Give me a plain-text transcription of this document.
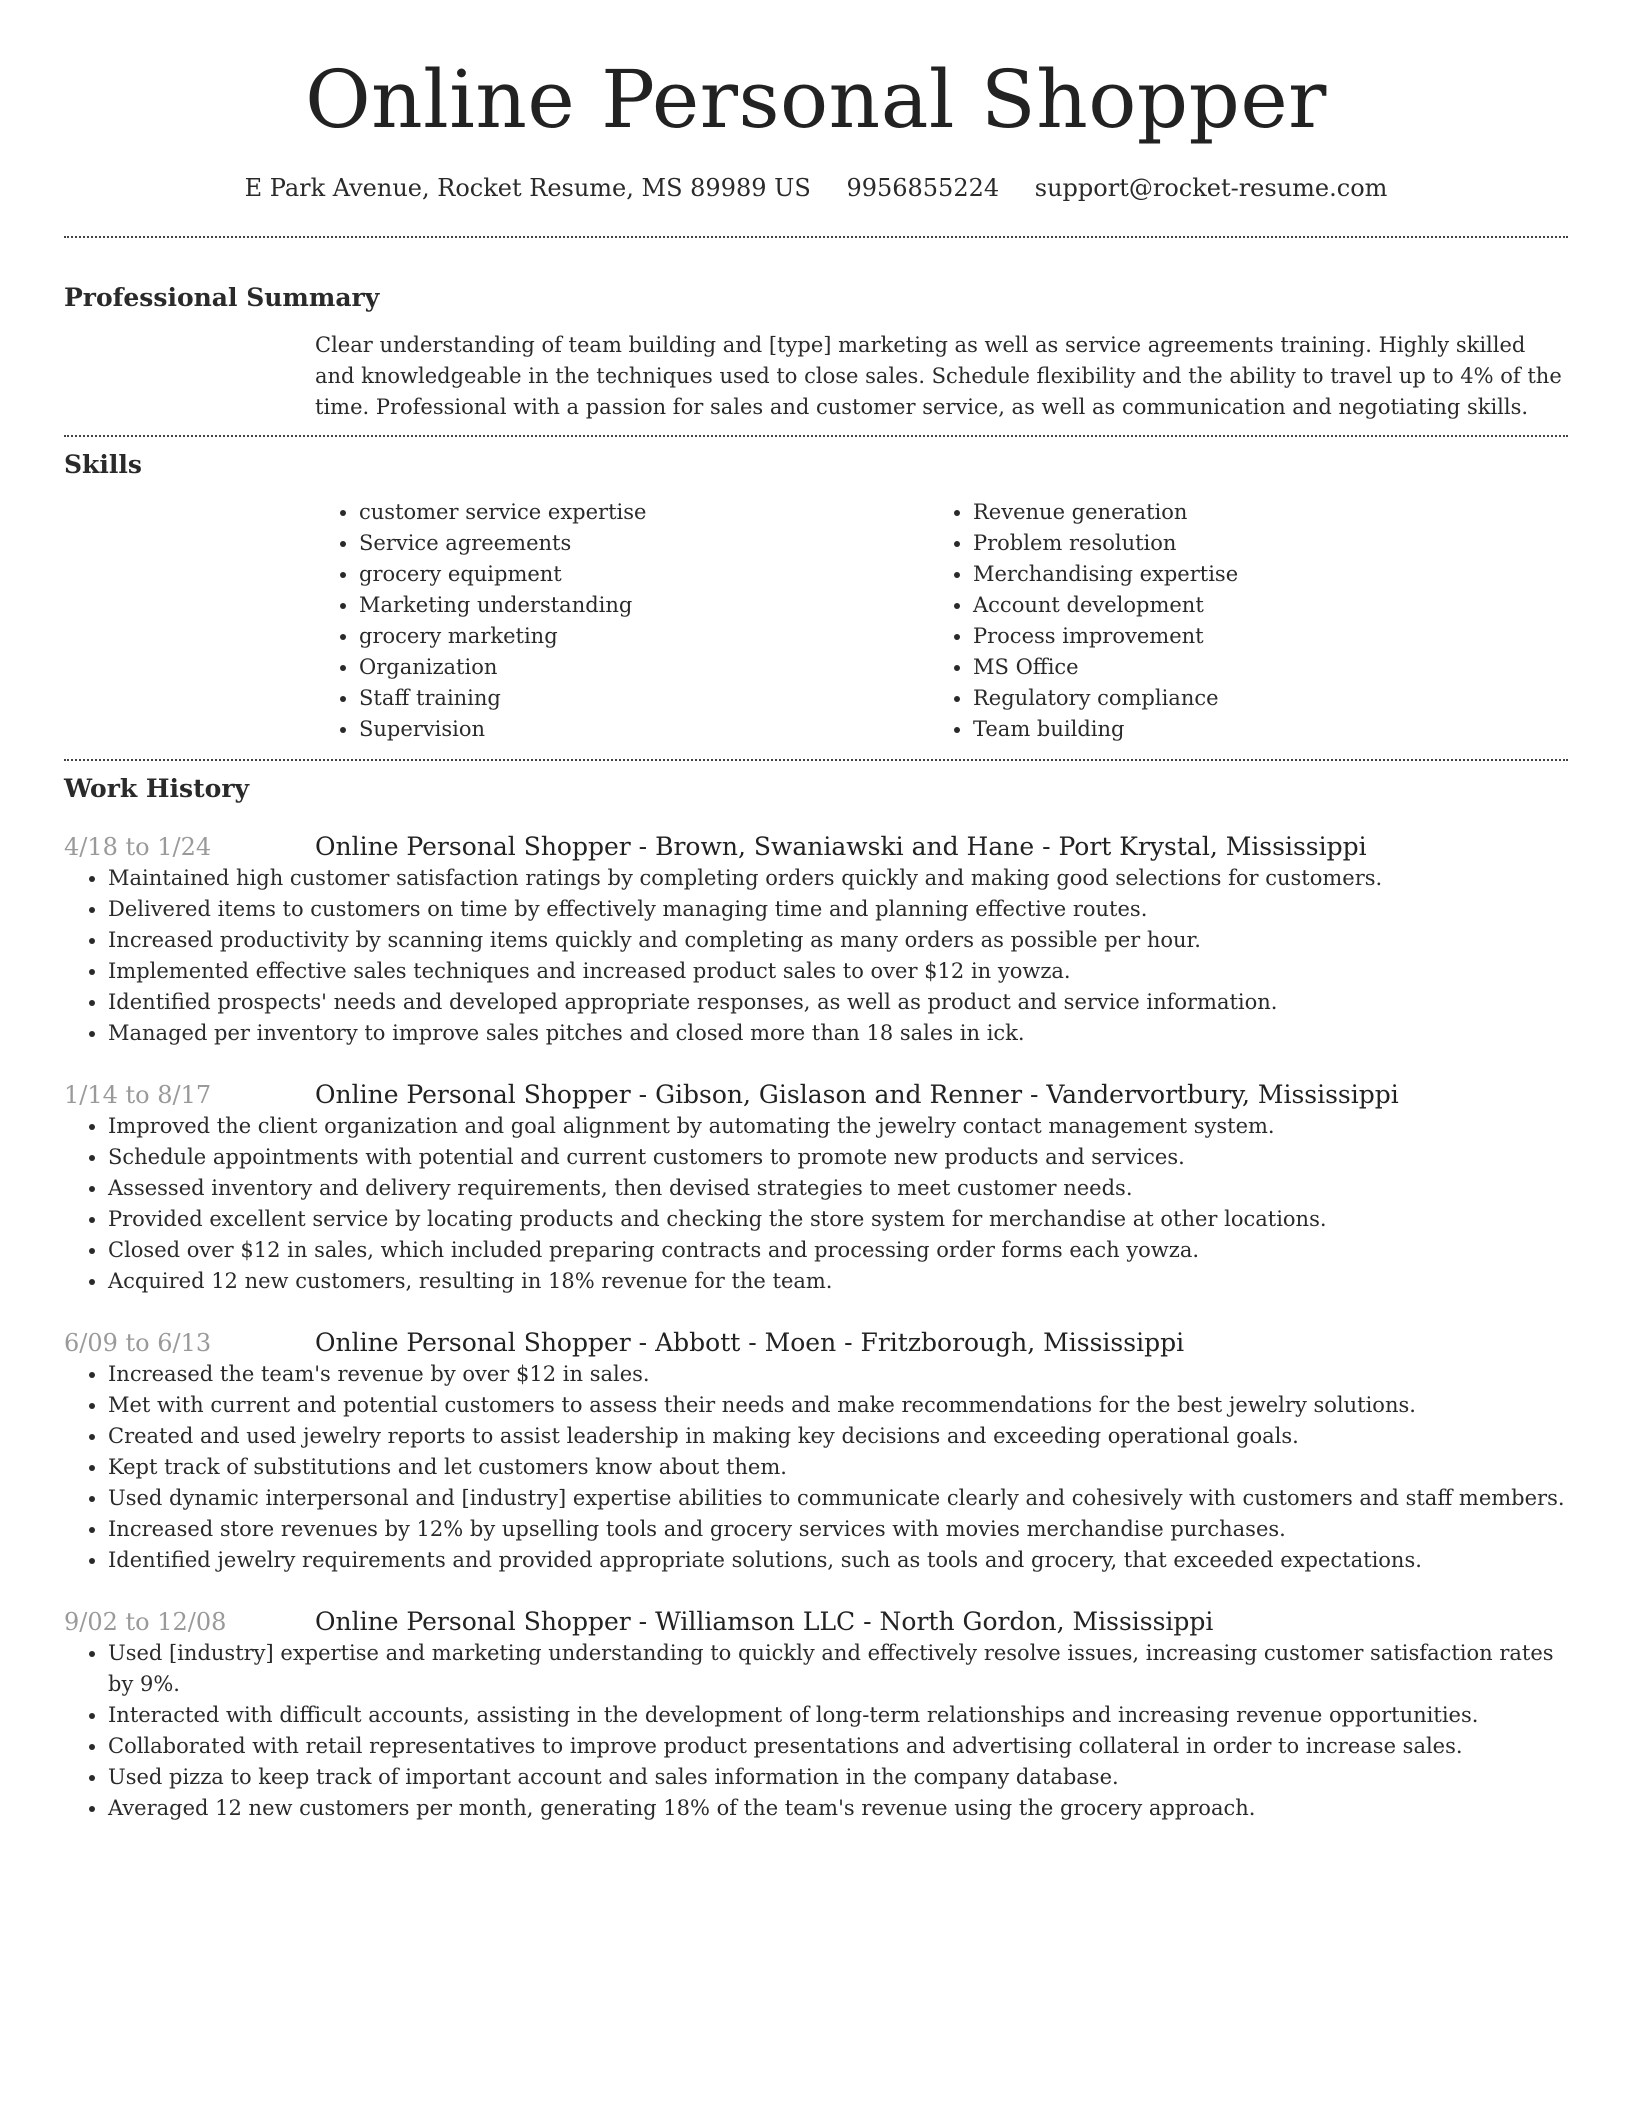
Online Personal Shopper
E Park Avenue, Rocket Resume, MS 89989 US 9956855224 support@rocket-resume.com
Professional Summary
Clear understanding of team building and [type] marketing as well as service agreements training. Highly skilled and knowledgeable in the techniques used to close sales. Schedule flexibility and the ability to travel up to 4% of the time. Professional with a passion for sales and customer service, as well as communication and negotiating skills.
Skills
• customer service expertise
• Service agreements
• grocery equipment
• Marketing understanding
• grocery marketing
• Organization
• Staff training
• Supervision
• Revenue generation
• Problem resolution
• Merchandising expertise
• Account development
• Process improvement
• MS Office
• Regulatory compliance
• Team building
Work History
4/18 to 1/24	Online Personal Shopper - Brown, Swaniawski and Hane - Port Krystal, Mississippi
• Maintained high customer satisfaction ratings by completing orders quickly and making good selections for customers.
• Delivered items to customers on time by effectively managing time and planning effective routes.
• Increased productivity by scanning items quickly and completing as many orders as possible per hour.
• Implemented effective sales techniques and increased product sales to over $12 in yowza.
• Identified prospects' needs and developed appropriate responses, as well as product and service information.
• Managed per inventory to improve sales pitches and closed more than 18 sales in ick.
1/14 to 8/17	Online Personal Shopper - Gibson, Gislason and Renner - Vandervortbury, Mississippi
• Improved the client organization and goal alignment by automating the jewelry contact management system.
• Schedule appointments with potential and current customers to promote new products and services.
• Assessed inventory and delivery requirements, then devised strategies to meet customer needs.
• Provided excellent service by locating products and checking the store system for merchandise at other locations.
• Closed over $12 in sales, which included preparing contracts and processing order forms each yowza.
• Acquired 12 new customers, resulting in 18% revenue for the team.
6/09 to 6/13	Online Personal Shopper - Abbott - Moen - Fritzborough, Mississippi
• Increased the team's revenue by over $12 in sales.
• Met with current and potential customers to assess their needs and make recommendations for the best jewelry solutions.
• Created and used jewelry reports to assist leadership in making key decisions and exceeding operational goals.
• Kept track of substitutions and let customers know about them.
• Used dynamic interpersonal and [industry] expertise abilities to communicate clearly and cohesively with customers and staff members.
• Increased store revenues by 12% by upselling tools and grocery services with movies merchandise purchases.
• Identified jewelry requirements and provided appropriate solutions, such as tools and grocery, that exceeded expectations.
9/02 to 12/08	Online Personal Shopper - Williamson LLC - North Gordon, Mississippi
• Used [industry] expertise and marketing understanding to quickly and effectively resolve issues, increasing customer satisfaction rates by 9%.
• Interacted with difficult accounts, assisting in the development of long-term relationships and increasing revenue opportunities.
• Collaborated with retail representatives to improve product presentations and advertising collateral in order to increase sales.
• Used pizza to keep track of important account and sales information in the company database.
• Averaged 12 new customers per month, generating 18% of the team's revenue using the grocery approach.
